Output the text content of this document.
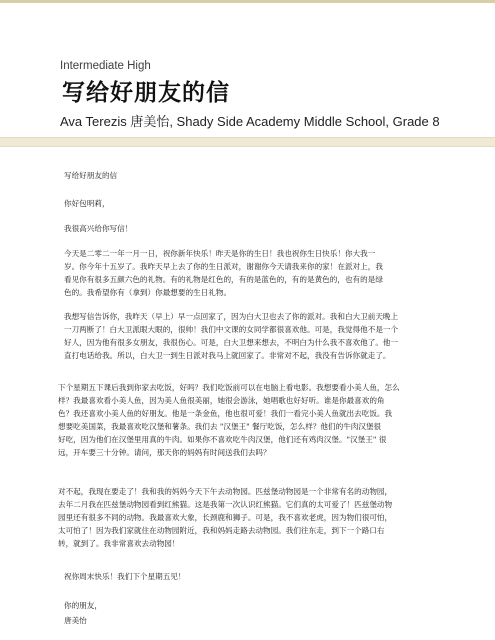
Intermediate High
写给好朋友的信
Ava Terezis 唐美怡, Shady Side Academy Middle School, Grade 8
写给好朋友的信
你好包明莉，
我很高兴给你写信！
今天是二零二一年一月一日，祝你新年快乐！昨天是你的生日！我也祝你生日快乐！你大我一
岁。你今年十五岁了。我昨天早上去了你的生日派对，谢谢你今天请我来你的家！在派对上，我
看见你有很多五颜六色的礼物。有的礼物是红色的，有的是蓝色的，有的是黄色的，也有的是绿
色的。我希望你有（拿到）你最想要的生日礼物。
我想写信告诉你，我昨天（早上）早一点回家了，因为白大卫也去了你的派对。我和白大卫前天晚上
一刀两断了！白大卫派眼大眼的，很帅！我们中文课的女同学都很喜欢他。可是，我觉得他不是一个
好人，因为他有很多女朋友，我很伤心。可是，白大卫想来想去，不明白为什么我不喜欢他了。他一
直打电话给我。所以，白大卫一到生日派对我马上就回家了。非常对不起，我没有告诉你就走了。
下个星期五下课后我到你家去吃饭，好吗？我们吃饭前可以在电脑上看电影。我想要看小美人鱼，怎么
样？我最喜欢看小美人鱼，因为美人鱼很美丽，她很会游泳，她唱歌也好好听。谁是你最喜欢的角
色？我还喜欢小美人鱼的好朋友。他是一条金鱼，他也很可爱！我们一看完小美人鱼就出去吃饭。我
想要吃美国菜，我最喜欢吃汉堡和薯条。我们去 "汉堡王" 餐厅吃饭，怎么样？他们的牛肉汉堡很
好吃，因为他们在汉堡里用真的牛肉。如果你不喜欢吃牛肉汉堡，他们还有鸡肉汉堡。"汉堡王" 很
远，开车要三十分钟。请问，那天你的妈妈有时间送我们去吗？
对不起，我现在要走了！我和我的妈妈今天下午去动物园。匹兹堡动物园是一个非常有名的动物园，
去年二月我在匹兹堡动物园看到红熊猫。这是我第一次认识红熊猫。它们真的太可爱了！匹兹堡动物
园里还有很多不同的动物。我最喜欢大象，长颈鹿和狮子。可是，我不喜欢老虎，因为物们很可怕，
太可怕了！因为我们家就住在动物园附近，我和妈妈走路去动物园。我们往东走，到下一个路口右
转，就到了。我非常喜欢去动物园！
祝你周末快乐！我们下个星期五见！
你的朋友，
唐美怡
